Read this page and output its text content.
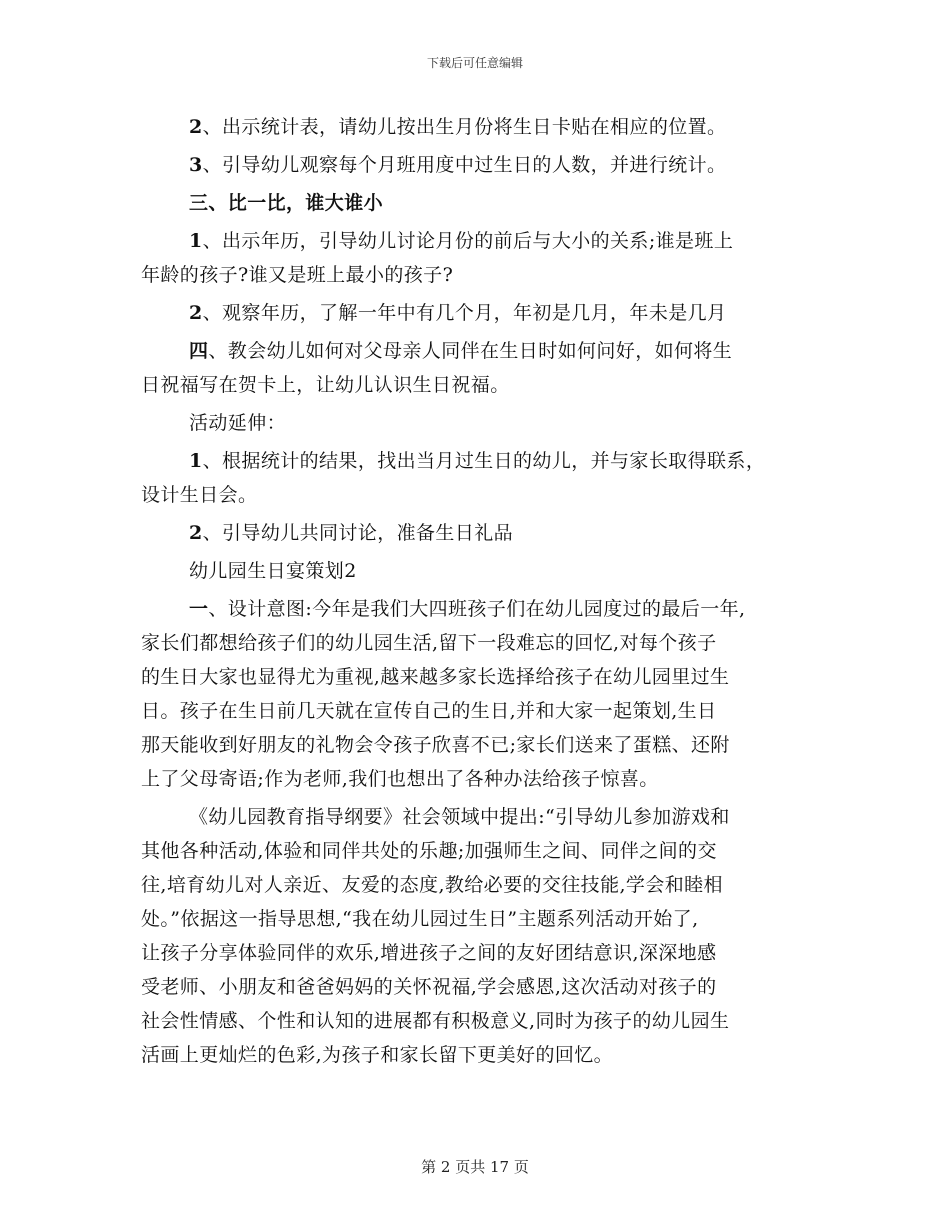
下载后可任意编辑
2、出示统计表，请幼儿按出生月份将生日卡贴在相应的位置。
3、引导幼儿观察每个月班用度中过生日的人数，并进行统计。
三、比一比，谁大谁小
1、出示年历，引导幼儿讨论月份的前后与大小的关系;谁是班上
年龄的孩子?谁又是班上最小的孩子?
2、观察年历，了解一年中有几个月，年初是几月，年未是几月
四、教会幼儿如何对父母亲人同伴在生日时如何问好，如何将生
日祝福写在贺卡上，让幼儿认识生日祝福。
活动延伸：
1、根据统计的结果，找出当月过生日的幼儿，并与家长取得联系，
设计生日会。
2、引导幼儿共同讨论，准备生日礼品
幼儿园生日宴策划2
一、设计意图:今年是我们大四班孩子们在幼儿园度过的最后一年,
家长们都想给孩子们的幼儿园生活,留下一段难忘的回忆,对每个孩子
的生日大家也显得尤为重视,越来越多家长选择给孩子在幼儿园里过生
日。孩子在生日前几天就在宣传自己的生日,并和大家一起策划,生日
那天能收到好朋友的礼物会令孩子欣喜不已;家长们送来了蛋糕、还附
上了父母寄语;作为老师,我们也想出了各种办法给孩子惊喜。
《幼儿园教育指导纲要》社会领域中提出:“引导幼儿参加游戏和
其他各种活动,体验和同伴共处的乐趣;加强师生之间、同伴之间的交
往,培育幼儿对人亲近、友爱的态度,教给必要的交往技能,学会和睦相
处。”依据这一指导思想,“我在幼儿园过生日”主题系列活动开始了,
让孩子分享体验同伴的欢乐,增进孩子之间的友好团结意识,深深地感
受老师、小朋友和爸爸妈妈的关怀祝福,学会感恩,这次活动对孩子的
社会性情感、个性和认知的进展都有积极意义,同时为孩子的幼儿园生
活画上更灿烂的色彩,为孩子和家长留下更美好的回忆。
第 2 页共 17 页
